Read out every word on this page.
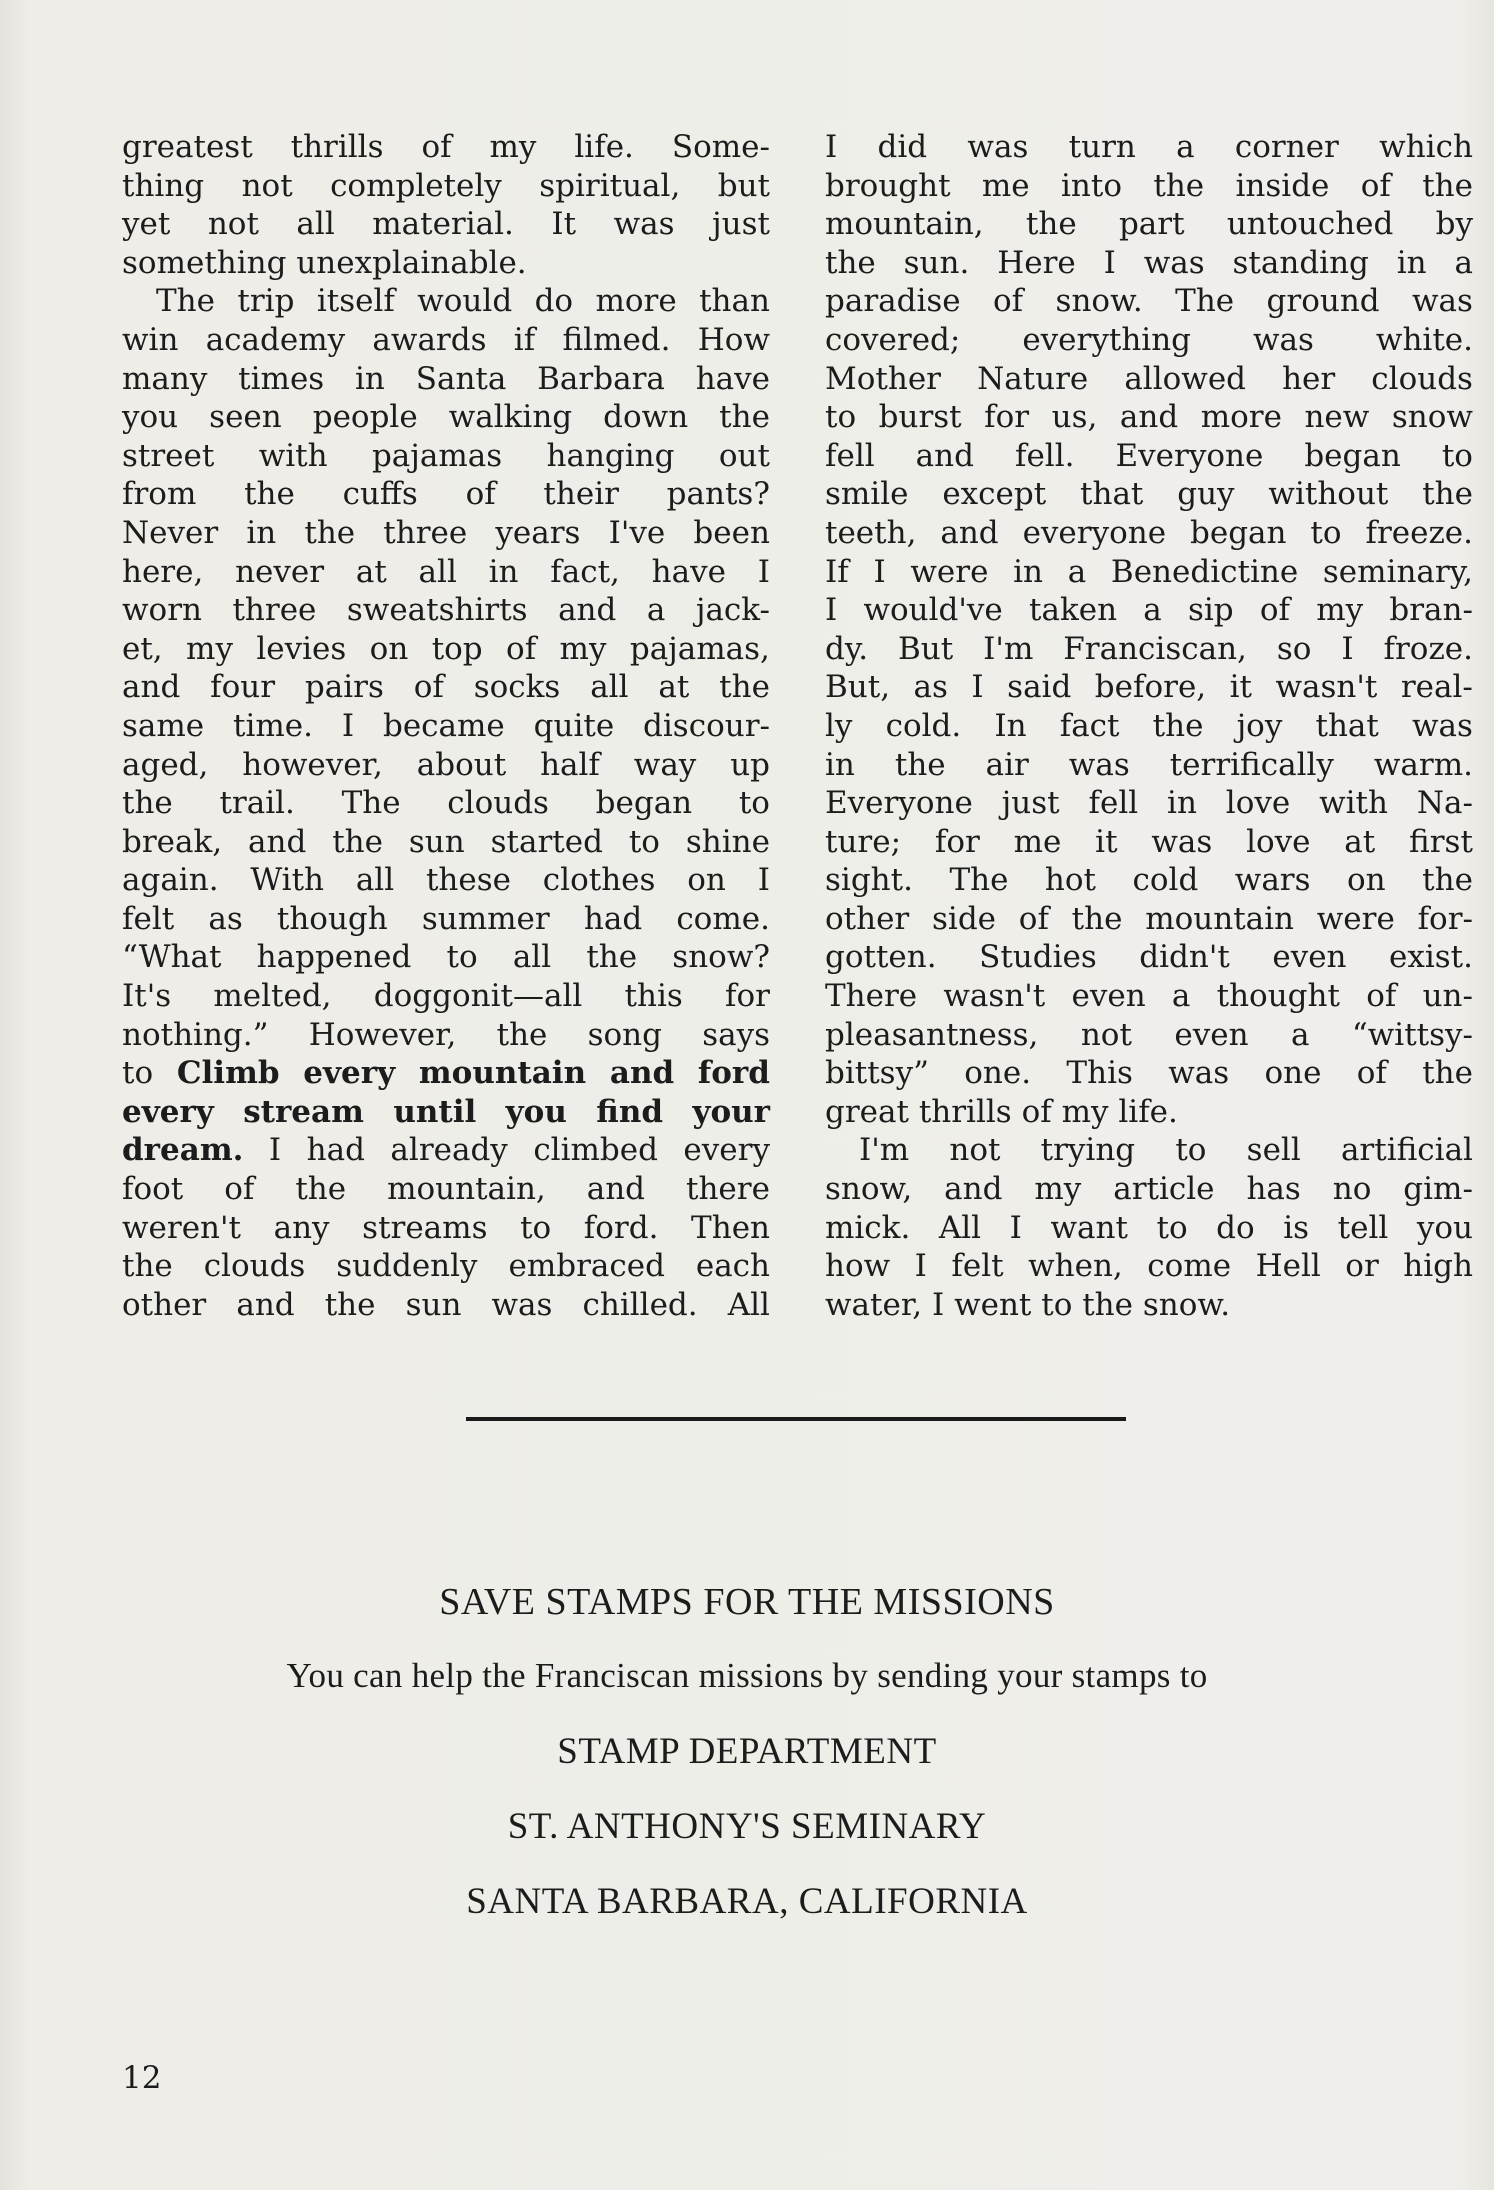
greatest thrills of my life. Some-
thing not completely spiritual, but
yet not all material. It was just
something
unexplainable.

The trip itself would do more than
win academy awards if filmed. How
many times in Santa Barbara have
you seen people walking down the
street with pajamas hanging out
from the cuffs of their pants?
Never in the three years I've been
here, never at all in fact, have I
worn three sweatshirts and a jack-
et, my levies on top of my pajamas,
and four pairs of socks all at the
same time. I became quite discour-
aged, however, about half way up
the trail. The clouds began to
break, and the sun started to shine
again. With all these clothes on I
felt as though summer had come.
“What happened to all the snow?
It's melted, doggonit—all this for
nothing.” However, the song says
to Climb every mountain and ford
every stream until you find your
dream. I had already climbed every
foot of the mountain, and there
weren't any streams to ford. Then
the clouds suddenly embraced each
other and the sun was chilled. All
I did was turn a corner which
brought me into the inside of the
mountain, the part untouched by
the sun. Here I was standing in a
paradise of snow. The ground was
covered; everything was white.
Mother Nature allowed her clouds
to burst for us, and more new snow
fell and fell. Everyone began to
smile except that guy without the
teeth, and everyone began to freeze.
If I were in a Benedictine seminary,
I would've taken a sip of my bran-
dy. But I'm Franciscan, so I froze.
But, as I said before, it wasn't real-
ly cold. In fact the joy that was
in the air was terrifically warm.
Everyone just fell in love with Na-
ture; for me it was love at first
sight. The hot cold wars on the
other side of the mountain were for-
gotten. Studies didn't even exist.
There wasn't even a thought of un-
pleasantness, not even a “wittsy-
bittsy” one. This was one of the
great
thrills
of
my
life.

I'm not trying to sell artificial
snow, and my article has no gim-
mick. All I want to do is tell you
how I felt when, come Hell or high
water,
I
went
to
the
snow.

SAVE STAMPS FOR THE MISSIONS
You can help the Franciscan missions by sending your stamps to
STAMP DEPARTMENT
ST. ANTHONY'S SEMINARY
SANTA BARBARA, CALIFORNIA
12
